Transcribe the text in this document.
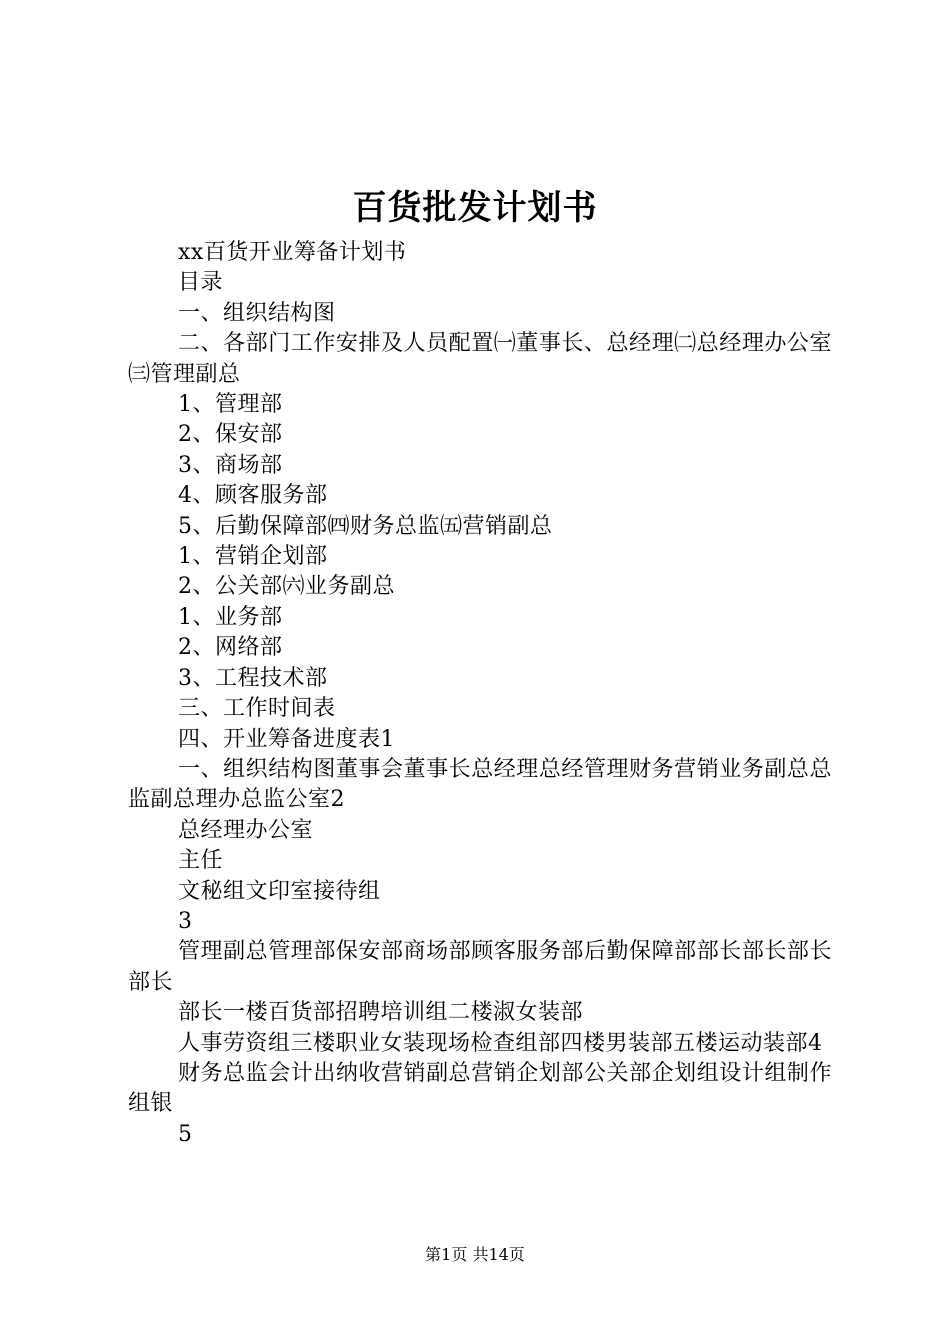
百货批发计划书

xx百货开业筹备计划书

目录

一、组织结构图

二、各部门工作安排及人员配置㈠董事长、总经理㈡总经理办公室㈢管理副总

1、管理部

2、保安部

3、商场部

4、顾客服务部

5、后勤保障部㈣财务总监㈤营销副总

1、营销企划部

2、公关部㈥业务副总

1、业务部

2、网络部

3、工程技术部

三、工作时间表

四、开业筹备进度表1

一、组织结构图董事会董事长总经理总经管理财务营销业务副总总监副总理办总监公室2

总经理办公室

主任

文秘组文印室接待组

3

管理副总管理部保安部商场部顾客服务部后勤保障部部长部长部长部长

部长一楼百货部招聘培训组二楼淑女装部

人事劳资组三楼职业女装现场检查组部四楼男装部五楼运动装部4

财务总监会计出纳收营销副总营销企划部公关部企划组设计组制作组银

5

第1页 共14页
